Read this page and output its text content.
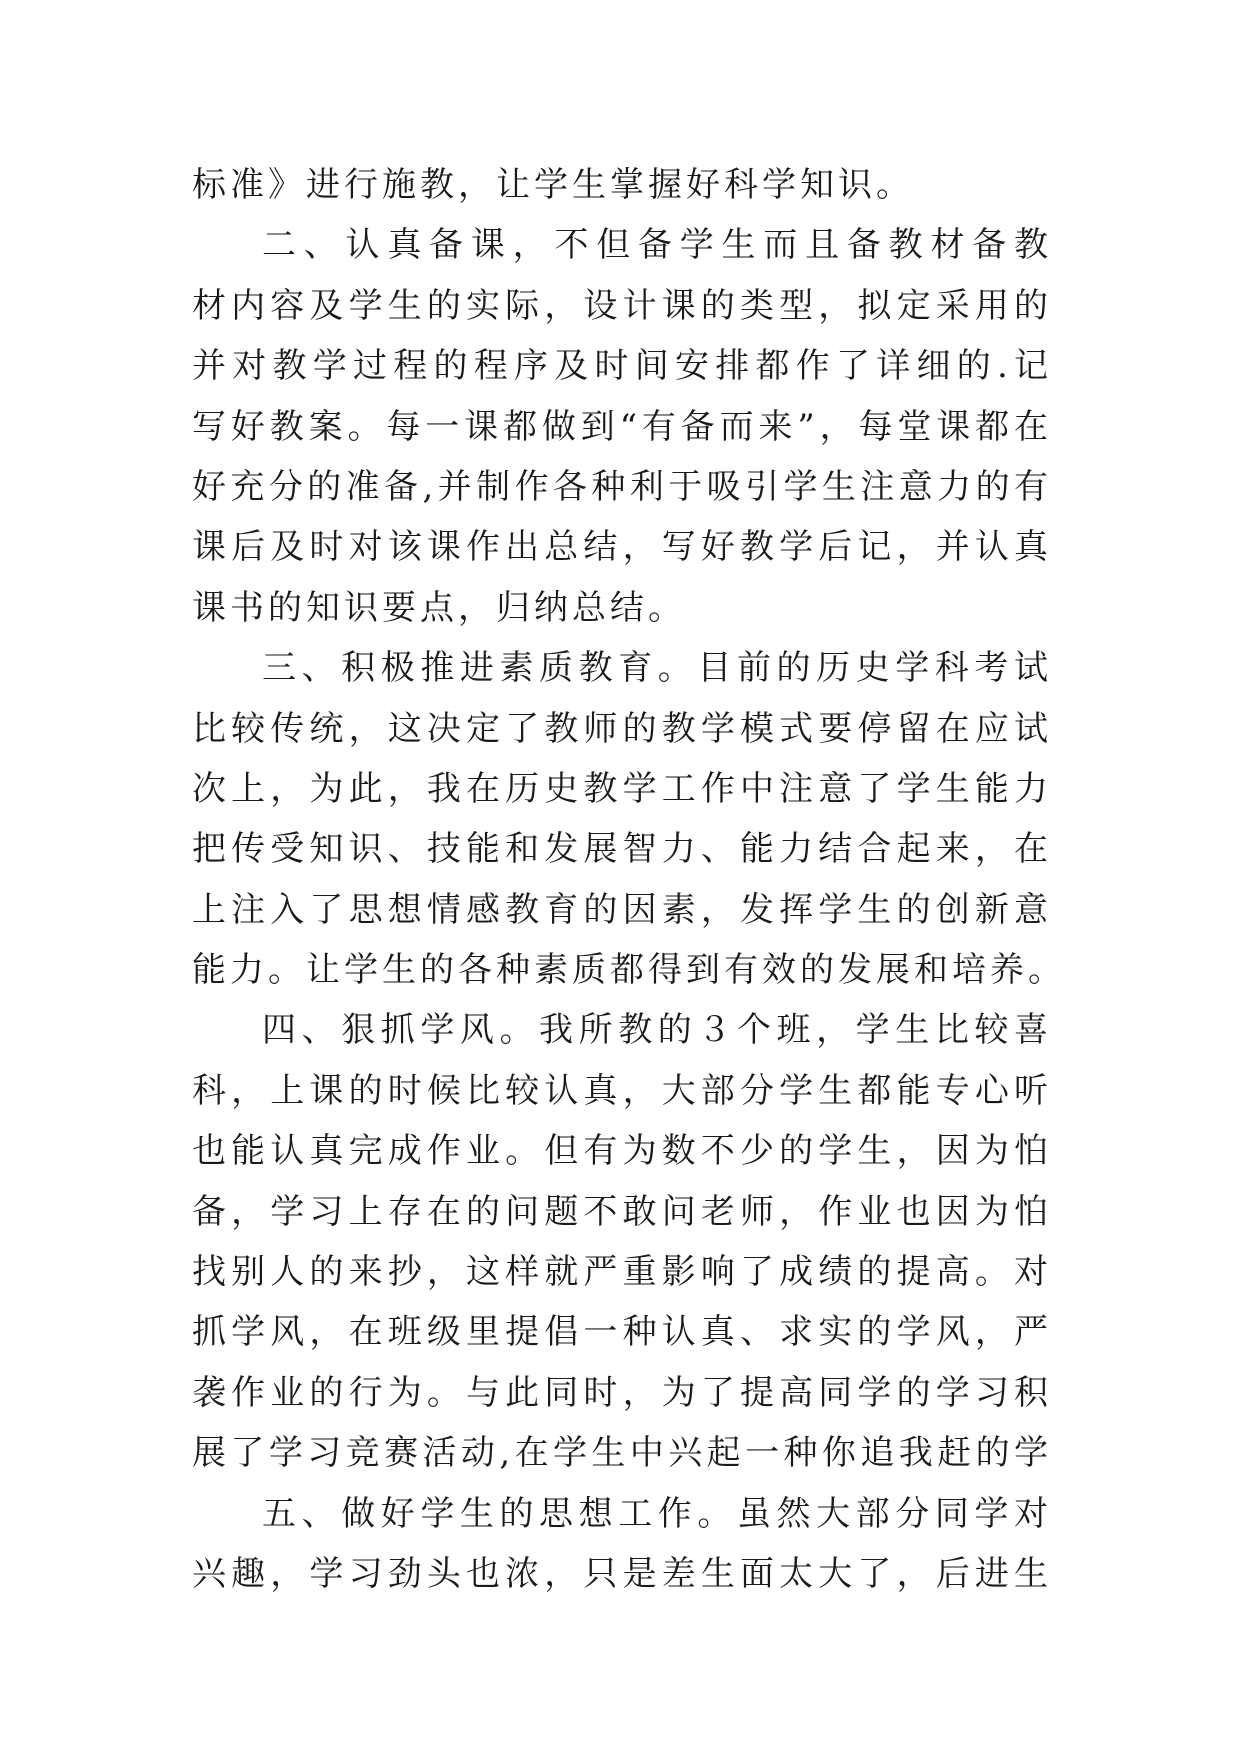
标准》进行施教，让学生掌握好科学知识。
二、认真备课，不但备学生而且备教材备教
材内容及学生的实际，设计课的类型，拟定采用的
并对教学过程的程序及时间安排都作了详细的.记
写好教案。每一课都做到“有备而来”，每堂课都在
好充分的准备,并制作各种利于吸引学生注意力的有
课后及时对该课作出总结，写好教学后记，并认真
课书的知识要点，归纳总结。
三、积极推进素质教育。目前的历史学科考试
比较传统，这决定了教师的教学模式要停留在应试
次上，为此，我在历史教学工作中注意了学生能力
把传受知识、技能和发展智力、能力结合起来，在
上注入了思想情感教育的因素，发挥学生的创新意
能力。让学生的各种素质都得到有效的发展和培养。
四、狠抓学风。我所教的３个班，学生比较喜
科，上课的时候比较认真，大部分学生都能专心听
也能认真完成作业。但有为数不少的学生，因为怕
备，学习上存在的问题不敢问老师，作业也因为怕
找别人的来抄，这样就严重影响了成绩的提高。对
抓学风，在班级里提倡一种认真、求实的学风，严
袭作业的行为。与此同时，为了提高同学的学习积
展了学习竞赛活动,在学生中兴起一种你追我赶的学
五、做好学生的思想工作。虽然大部分同学对
兴趣，学习劲头也浓，只是差生面太大了，后进生
